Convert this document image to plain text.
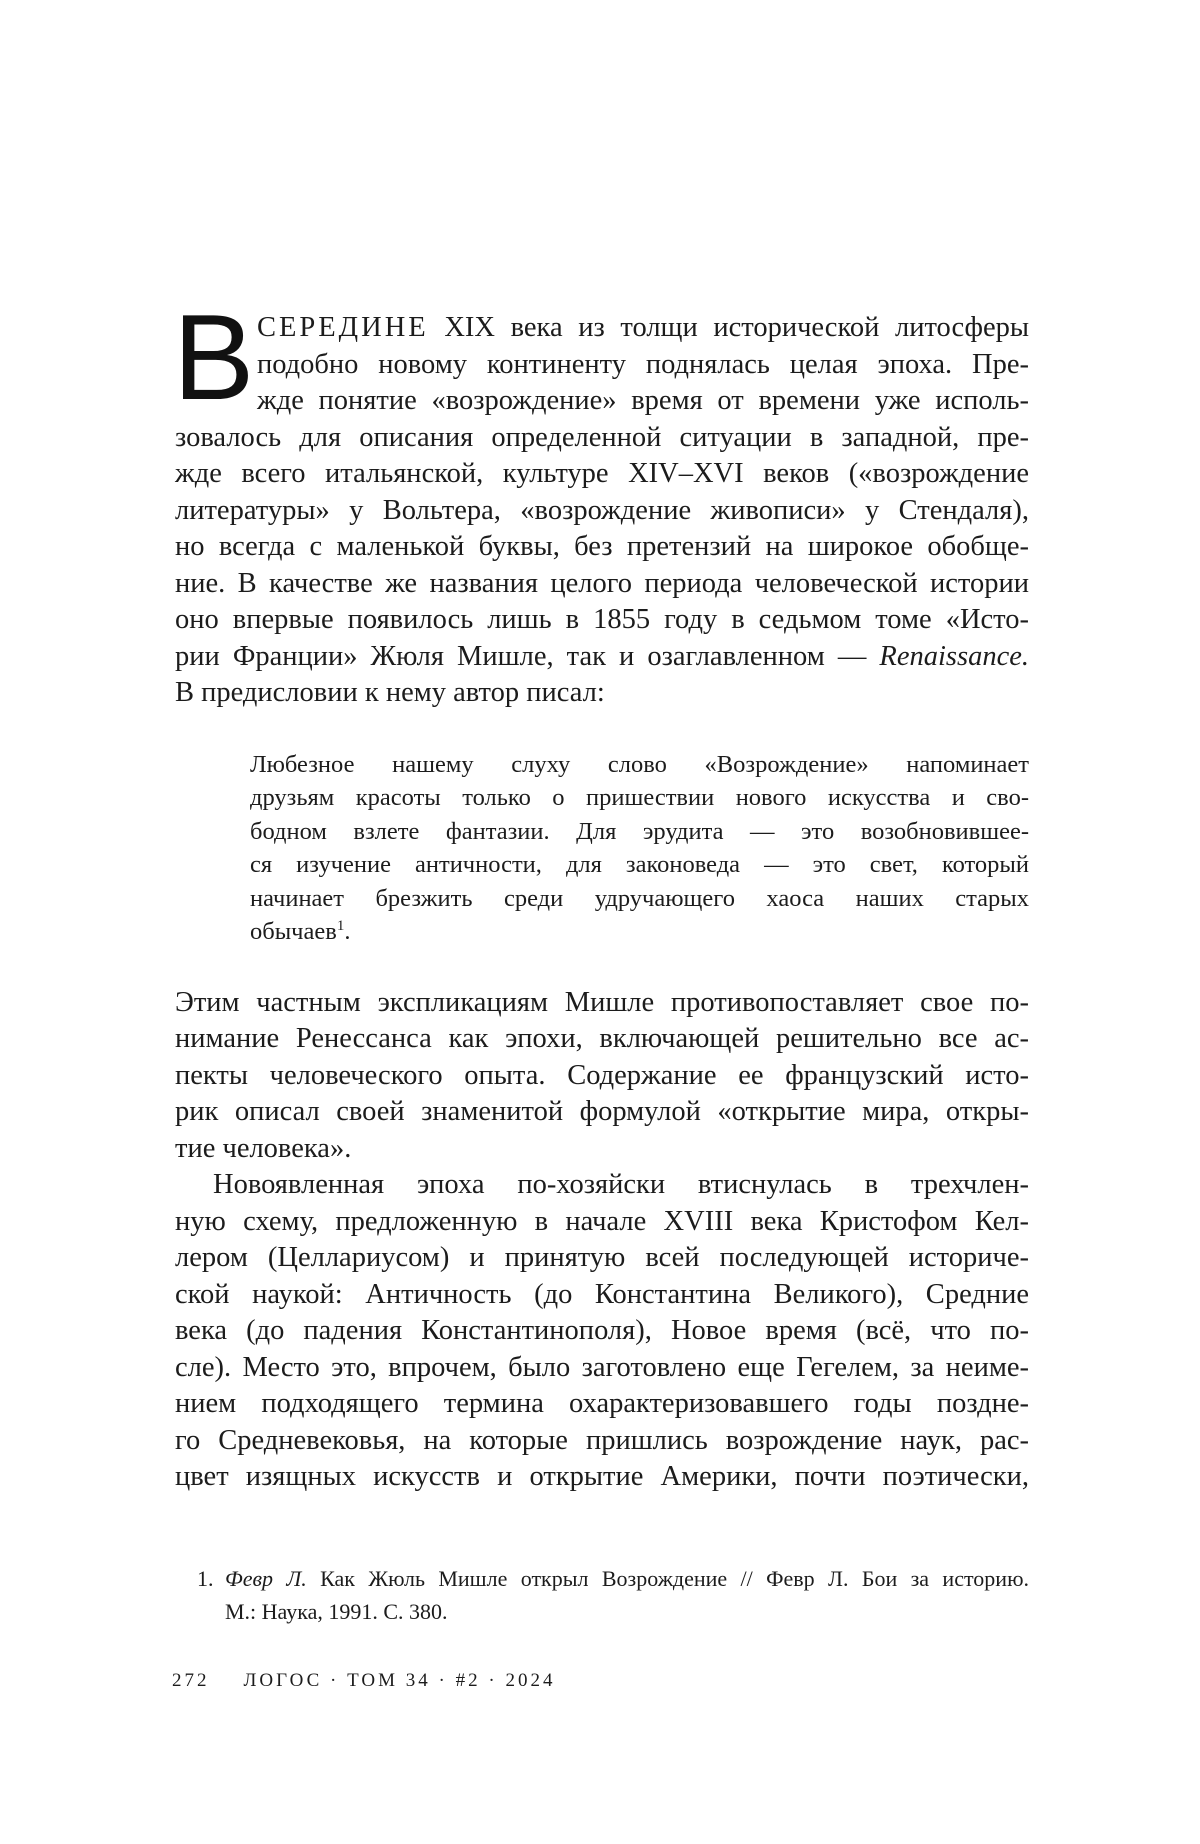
В СЕРЕДИНЕ XIX века из толщи исторической литосферы
подобно новому континенту поднялась целая эпоха. Пре-
жде понятие «возрождение» время от времени уже исполь-
зовалось для описания определенной ситуации в западной, пре-
жде всего итальянской, культуре XIV–XVI веков («возрождение
литературы» у Вольтера, «возрождение живописи» у Стендаля),
но всегда с маленькой буквы, без претензий на широкое обобще-
ние. В качестве же названия целого периода человеческой истории
оно впервые появилось лишь в 1855 году в седьмом томе «Исто-
рии Франции» Жюля Мишле, так и озаглавленном — Renaissance.
В предисловии к нему автор писал:
Любезное нашему слуху слово «Возрождение» напоминает
друзьям красоты только о пришествии нового искусства и сво-
бодном взлете фантазии. Для эрудита — это возобновившее-
ся изучение античности, для законоведа — это свет, который
начинает брезжить среди удручающего хаоса наших старых
обычаев$^1$.
Этим частным экспликациям Мишле противопоставляет свое по-
нимание Ренессанса как эпохи, включающей решительно все ас-
пекты человеческого опыта. Содержание ее французский исто-
рик описал своей знаменитой формулой «открытие мира, откры-
тие человека».
Новоявленная эпоха по-хозяйски втиснулась в трехчлен-
ную схему, предложенную в начале XVIII века Кристофом Кел-
лером (Целлариусом) и принятую всей последующей историче-
ской наукой: Античность (до Константина Великого), Средние
века (до падения Константинополя), Новое время (всё, что по-
сле). Место это, впрочем, было заготовлено еще Гегелем, за неиме-
нием подходящего термина охарактеризовавшего годы поздне-
го Средневековья, на которые пришлись возрождение наук, рас-
цвет изящных искусств и открытие Америки, почти поэтически,
1. Февр Л. Как Жюль Мишле открыл Возрождение // Февр Л. Бои за историю.
М.: Наука, 1991. С. 380.
272 ЛОГОС · ТОМ 34 · #2 · 2024
